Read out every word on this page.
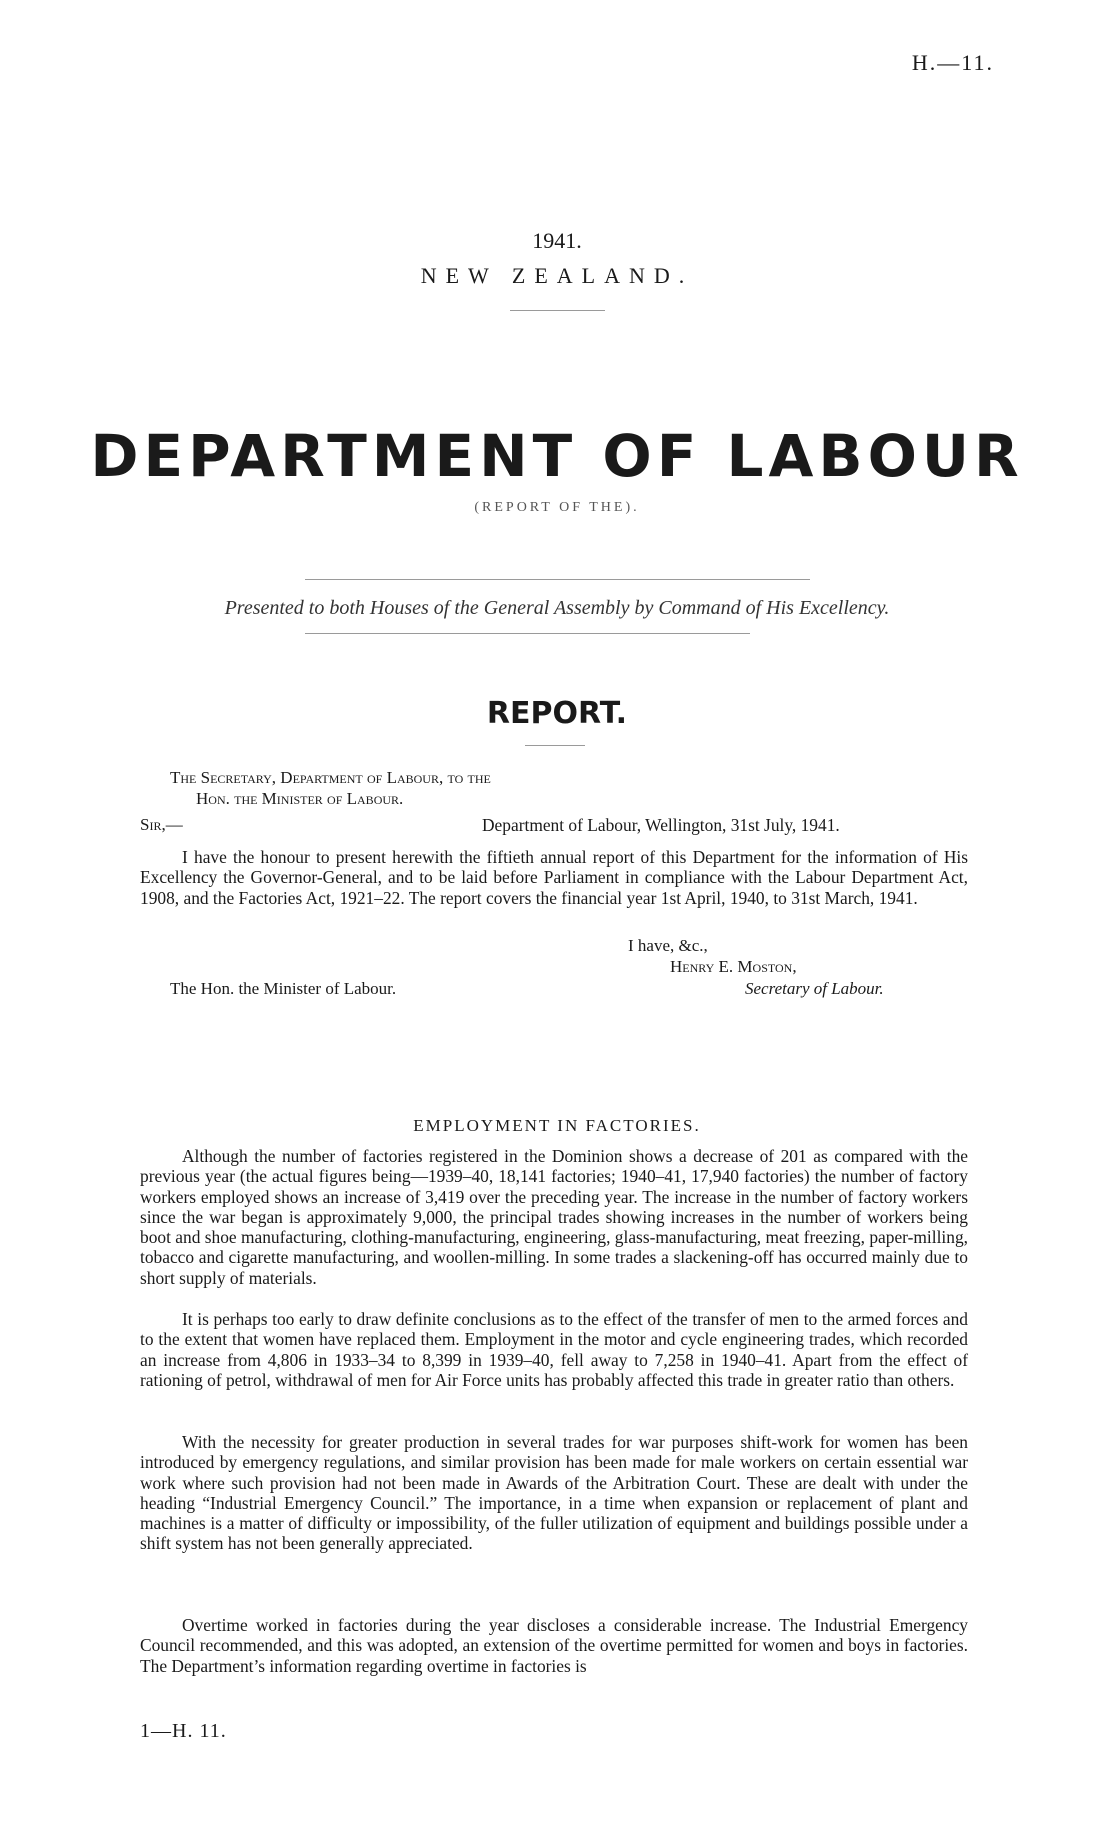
H.—11.
1941.
NEW ZEALAND.
DEPARTMENT OF LABOUR
(REPORT OF THE).
Presented to both Houses of the General Assembly by Command of His Excellency.
REPORT.
The Secretary, Department of Labour, to the
Hon. the Minister of Labour.
Sir,—	Department of Labour, Wellington, 31st July, 1941.
I have the honour to present herewith the fiftieth annual report of this Department for the information of His Excellency the Governor-General, and to be laid before Parliament in compliance with the Labour Department Act, 1908, and the Factories Act, 1921–22. The report covers the financial year 1st April, 1940, to 31st March, 1941.
I have, &c.,
Henry E. Moston,
The Hon. the Minister of Labour.	Secretary of Labour.
EMPLOYMENT IN FACTORIES.
Although the number of factories registered in the Dominion shows a decrease of 201 as compared with the previous year (the actual figures being—1939–40, 18,141 factories; 1940–41, 17,940 factories) the number of factory workers employed shows an increase of 3,419 over the preceding year. The increase in the number of factory workers since the war began is approximately 9,000, the principal trades showing increases in the number of workers being boot and shoe manufacturing, clothing-manufacturing, engineering, glass-manufacturing, meat freezing, paper-milling, tobacco and cigarette manufacturing, and woollen-milling. In some trades a slackening-off has occurred mainly due to short supply of materials.
It is perhaps too early to draw definite conclusions as to the effect of the transfer of men to the armed forces and to the extent that women have replaced them. Employment in the motor and cycle engineering trades, which recorded an increase from 4,806 in 1933–34 to 8,399 in 1939–40, fell away to 7,258 in 1940–41. Apart from the effect of rationing of petrol, withdrawal of men for Air Force units has probably affected this trade in greater ratio than others.
With the necessity for greater production in several trades for war purposes shift-work for women has been introduced by emergency regulations, and similar provision has been made for male workers on certain essential war work where such provision had not been made in Awards of the Arbitration Court. These are dealt with under the heading “Industrial Emergency Council.” The importance, in a time when expansion or replacement of plant and machines is a matter of difficulty or impossibility, of the fuller utilization of equipment and buildings possible under a shift system has not been generally appreciated.
Overtime worked in factories during the year discloses a considerable increase. The Industrial Emergency Council recommended, and this was adopted, an extension of the overtime permitted for women and boys in factories. The Department’s information regarding overtime in factories is
1—H. 11.
